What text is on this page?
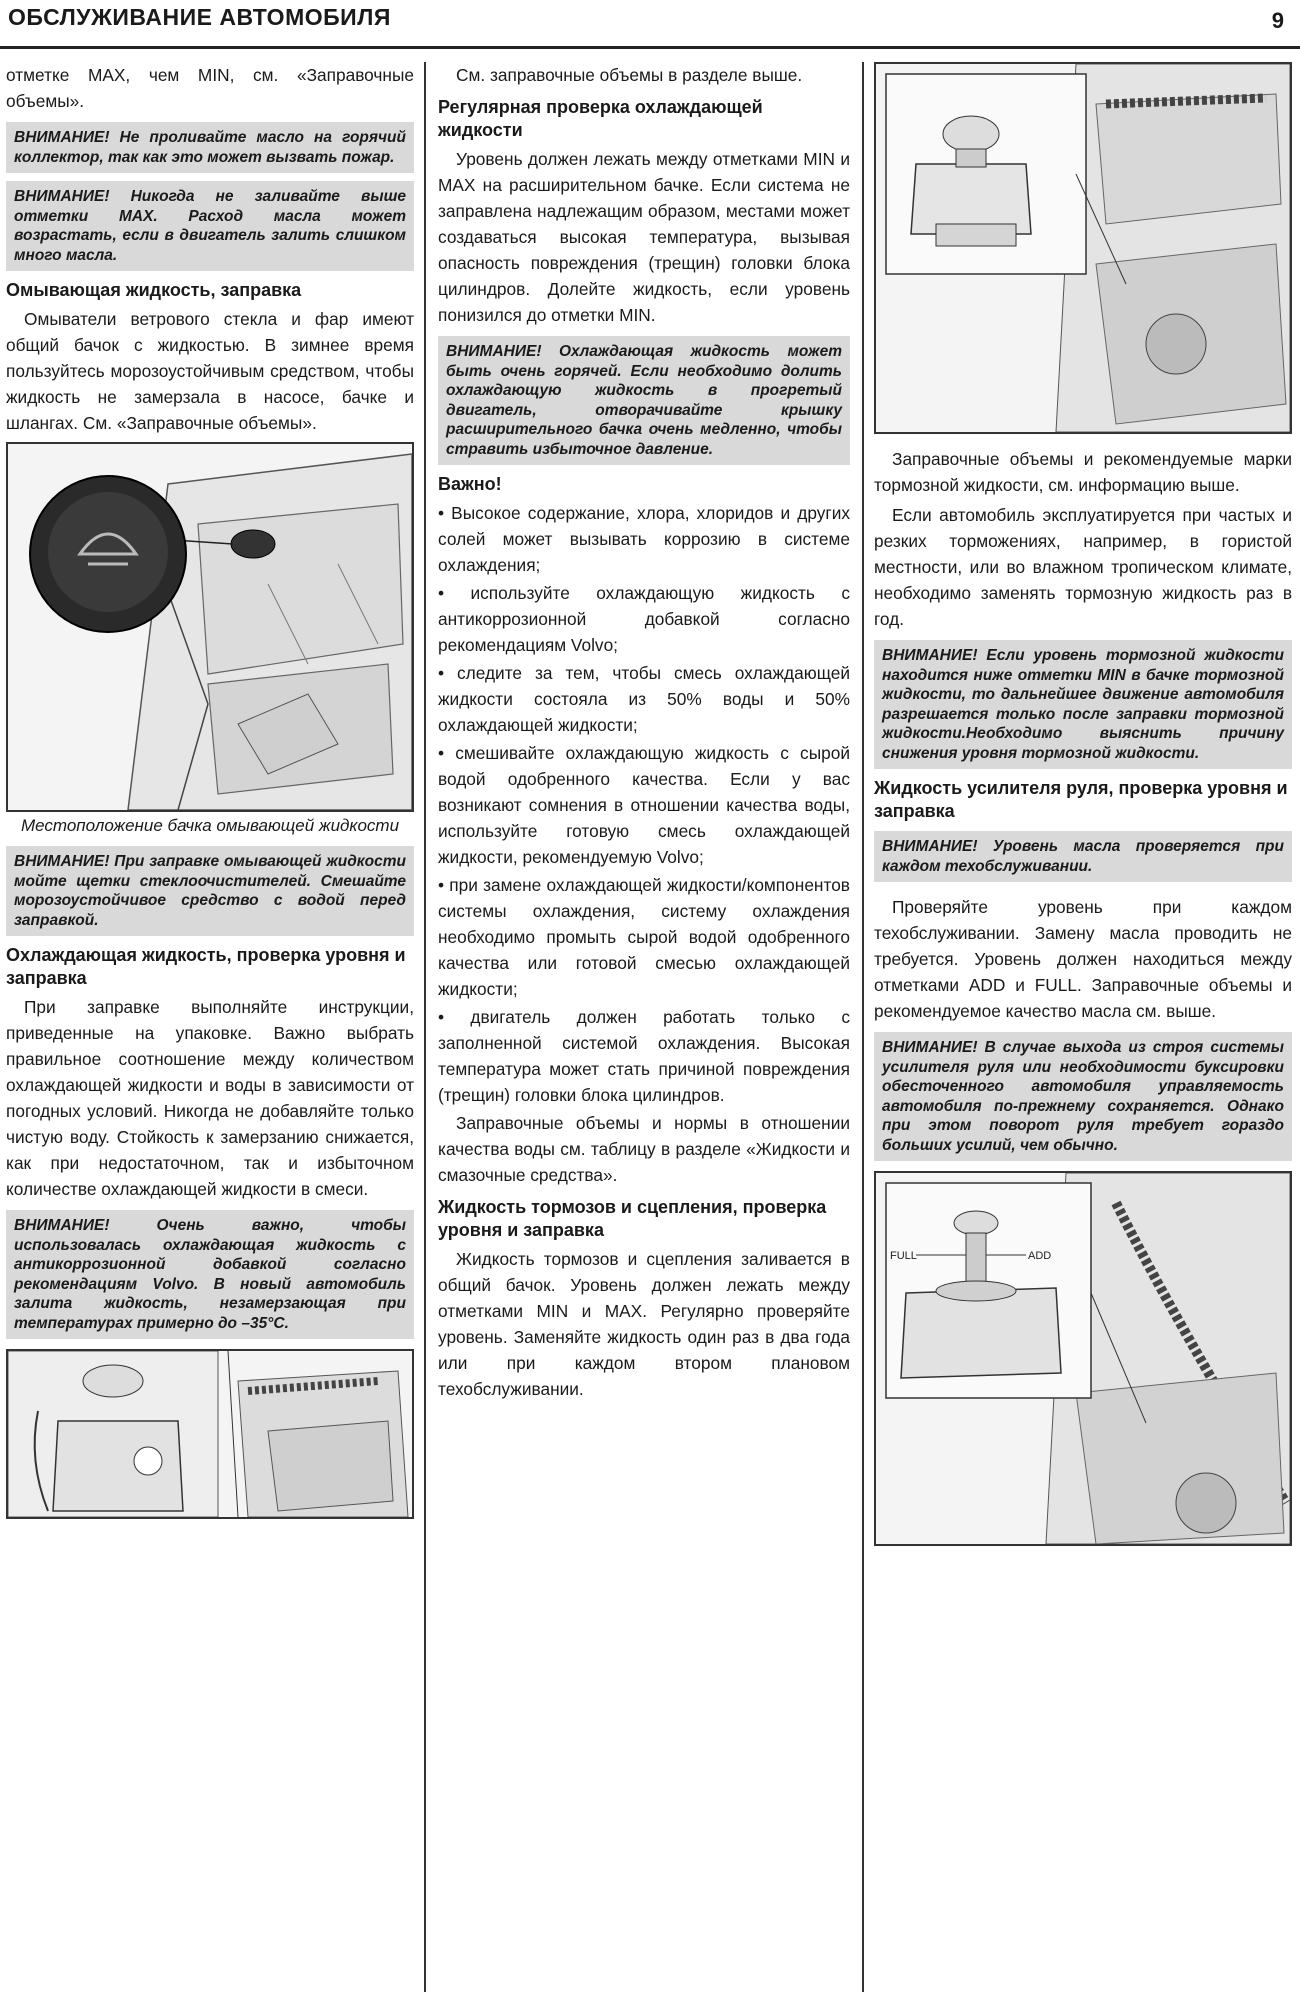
ОБСЛУЖИВАНИЕ АВТОМОБИЛЯ	9

отметке MAX, чем MIN, см. «Заправочные объемы».

ВНИМАНИЕ! Не проливайте масло на горячий коллектор, так как это может вызвать пожар.
ВНИМАНИЕ! Никогда не заливайте выше отметки MAX. Расход масла может возрастать, если в двигатель залить слишком много масла.
Омывающая жидкость, заправка

Омыватели ветрового стекла и фар имеют общий бачок с жидкостью. В зимнее время пользуйтесь морозоустойчивым средством, чтобы жидкость не замерзала в насосе, бачке и шлангах. См. «Заправочные объемы».

Местоположение бачка омывающей жидкости
ВНИМАНИЕ! При заправке омывающей жидкости мойте щетки стеклоочистителей. Смешайте морозоустойчивое средство с водой перед заправкой.
Охлаждающая жидкость, проверка уровня и заправка

При заправке выполняйте инструкции, приведенные на упаковке. Важно выбрать правильное соотношение между количеством охлаждающей жидкости и воды в зависимости от погодных условий. Никогда не добавляйте только чистую воду. Стойкость к замерзанию снижается, как при недостаточном, так и избыточном количестве охлаждающей жидкости в смеси.

ВНИМАНИЕ! Очень важно, чтобы использовалась охлаждающая жидкость с антикоррозионной добавкой согласно рекомендациям Volvo. В новый автомобиль залита жидкость, незамерзающая при температурах примерно до –35°С.

См. заправочные объемы в разделе выше.

Регулярная проверка охлаждающей жидкости

Уровень должен лежать между отметками MIN и MAX на расширительном бачке. Если система не заправлена надлежащим образом, местами может создаваться высокая температура, вызывая опасность повреждения (трещин) головки блока цилиндров. Долейте жидкость, если уровень понизился до отметки MIN.

ВНИМАНИЕ! Охлаждающая жидкость может быть очень горячей. Если необходимо долить охлаждающую жидкость в прогретый двигатель, отворачивайте крышку расширительного бачка очень медленно, чтобы стравить избыточное давление.
Важно!
• Высокое содержание, хлора, хлоридов и других солей может вызывать коррозию в системе охлаждения;
• используйте охлаждающую жидкость с антикоррозионной добавкой согласно рекомендациям Volvo;
• следите за тем, чтобы смесь охлаждающей жидкости состояла из 50% воды и 50% охлаждающей жидкости;
• смешивайте охлаждающую жидкость с сырой водой одобренного качества. Если у вас возникают сомнения в отношении качества воды, используйте готовую смесь охлаждающей жидкости, рекомендуемую Volvo;
• при замене охлаждающей жидкости/компонентов системы охлаждения, систему охлаждения необходимо промыть сырой водой одобренного качества или готовой смесью охлаждающей жидкости;
• двигатель должен работать только с заполненной системой охлаждения. Высокая температура может стать причиной повреждения (трещин) головки блока цилиндров.

Заправочные объемы и нормы в отношении качества воды см. таблицу в разделе «Жидкости и смазочные средства».

Жидкость тормозов и сцепления, проверка уровня и заправка

Жидкость тормозов и сцепления заливается в общий бачок. Уровень должен лежать между отметками MIN и MAX. Регулярно проверяйте уровень. Заменяйте жидкость один раз в два года или при каждом втором плановом техобслуживании.

Заправочные объемы и рекомендуемые марки тормозной жидкости, см. информацию выше.

Если автомобиль эксплуатируется при частых и резких торможениях, например, в гористой местности, или во влажном тропическом климате, необходимо заменять тормозную жидкость раз в год.

ВНИМАНИЕ! Если уровень тормозной жидкости находится ниже отметки MIN в бачке тормозной жидкости, то дальнейшее движение автомобиля разрешается только после заправки тормозной жидкости.Необходимо выяснить причину снижения уровня тормозной жидкости.
Жидкость усилителя руля, проверка уровня и заправка
ВНИМАНИЕ! Уровень масла проверяется при каждом техобслуживании.

Проверяйте уровень при каждом техобслуживании. Замену масла проводить не требуется. Уровень должен находиться между отметками ADD и FULL. Заправочные объемы и рекомендуемое качество масла см. выше.

ВНИМАНИЕ! В случае выхода из строя системы усилителя руля или необходимости буксировки обесточенного автомобиля управляемость автомобиля по-прежнему сохраняется. Однако при этом поворот руля требует гораздо больших усилий, чем обычно.
FULL	ADD
